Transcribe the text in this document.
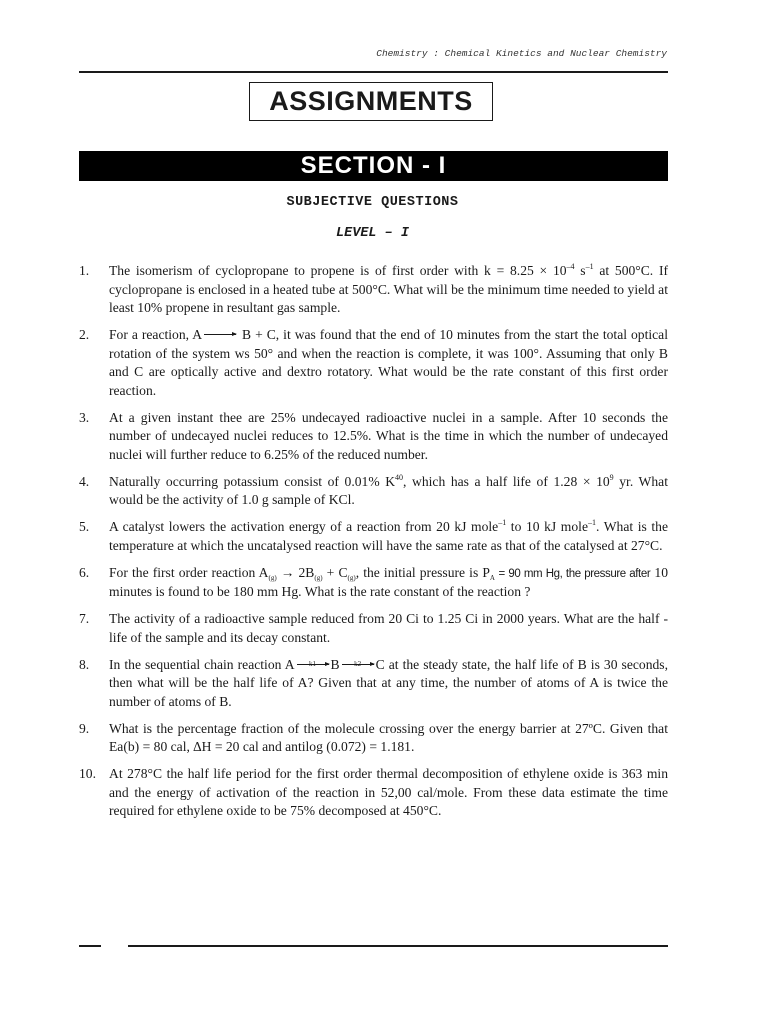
Chemistry : Chemical Kinetics and Nuclear Chemistry
ASSIGNMENTS
SECTION - I
SUBJECTIVE QUESTIONS
LEVEL – I
1.	The isomerism of cyclopropane to propene is of first order with $k = 8.25 \times 10^{-4}$ $s^{-1}$ at 500°C. If cyclopropane is enclosed in a heated tube at 500°C. What will be the minimum time needed to yield at least 10% propene in resultant gas sample.
2.	For a reaction, A	B + C, it was found that the end of 10 minutes from the start the total optical rotation of the system ws 50° and when the reaction is complete, it was 100°. Assuming that only B and C are optically active and dextro rotatory. What would be the rate constant of this first order reaction.
3.	At a given instant thee are 25% undecayed radioactive nuclei in a sample. After 10 seconds the number of undecayed nuclei reduces to 12.5%. What is the time in which the number of undecayed nuclei will further reduce to 6.25% of the reduced number.
4.	Naturally occurring potassium consist of 0.01% $K^{40}$, which has a half life of $1.28 \times 10^9$ yr. What would be the activity of 1.0 g sample of KCl.
5.	A catalyst lowers the activation energy of a reaction from 20 kJ mole$^{-1}$ to 10 kJ mole$^{-1}$. What is the temperature at which the uncatalysed reaction will have the same rate as that of the catalysed at 27°C.
6.	For the first order reaction $A_{(g)} \to 2B_{(g)} + C_{(g)}$, the initial pressure is $P_A = 90$ mm Hg, the pressure after 10 minutes is found to be 180 mm Hg. What is the rate constant of the reaction ?
7.	The activity of a radioactive sample reduced from 20 Ci to 1.25 Ci in 2000 years. What are the half - life of the sample and its decay constant.
8.	In the sequential chain reaction A	k1	B	k2	C at the steady state, the half life of B is 30 seconds, then what will be the half life of A? Given that at any time, the number of atoms of A is twice the number of atoms of B.
9.	What is the percentage fraction of the molecule crossing over the energy barrier at 27ºC. Given that Ea(b) = 80 cal, ∆H = 20 cal and antilog (0.072) = 1.181.
10. At 278°C the half life period for the first order thermal decomposition of ethylene oxide is 363 min and the energy of activation of the reaction in 52,00 cal/mole. From these data estimate the time required for ethylene oxide to be 75% decomposed at 450°C.
